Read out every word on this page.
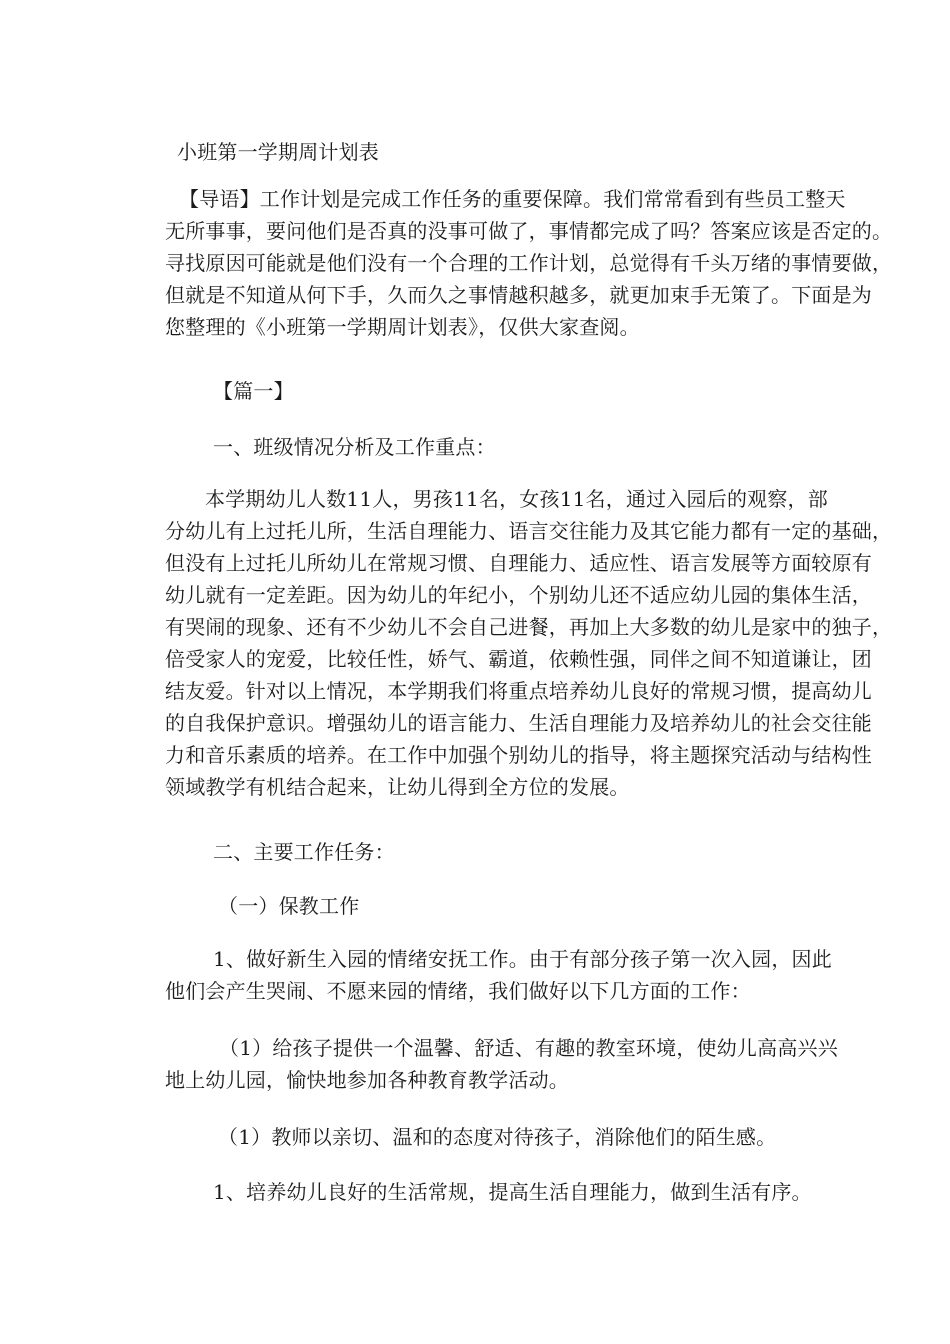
小班第一学期周计划表

【导语】工作计划是完成工作任务的重要保障。我们常常看到有些员工整天
无所事事，要问他们是否真的没事可做了，事情都完成了吗？答案应该是否定的。
寻找原因可能就是他们没有一个合理的工作计划，总觉得有千头万绪的事情要做，
但就是不知道从何下手，久而久之事情越积越多，就更加束手无策了。下面是为
您整理的《小班第一学期周计划表》，仅供大家查阅。

【篇一】

一、班级情况分析及工作重点：

本学期幼儿人数11人，男孩11名，女孩11名，通过入园后的观察，部
分幼儿有上过托儿所，生活自理能力、语言交往能力及其它能力都有一定的基础，
但没有上过托儿所幼儿在常规习惯、自理能力、适应性、语言发展等方面较原有
幼儿就有一定差距。因为幼儿的年纪小，个别幼儿还不适应幼儿园的集体生活，
有哭闹的现象、还有不少幼儿不会自己进餐，再加上大多数的幼儿是家中的独子，
倍受家人的宠爱，比较任性，娇气、霸道，依赖性强，同伴之间不知道谦让，团
结友爱。针对以上情况，本学期我们将重点培养幼儿良好的常规习惯，提高幼儿
的自我保护意识。增强幼儿的语言能力、生活自理能力及培养幼儿的社会交往能
力和音乐素质的培养。在工作中加强个别幼儿的指导，将主题探究活动与结构性
领域教学有机结合起来，让幼儿得到全方位的发展。

二、主要工作任务：

（一）保教工作

1、做好新生入园的情绪安抚工作。由于有部分孩子第一次入园，因此
他们会产生哭闹、不愿来园的情绪，我们做好以下几方面的工作：
（1）给孩子提供一个温馨、舒适、有趣的教室环境，使幼儿高高兴兴
地上幼儿园，愉快地参加各种教育教学活动。

（1）教师以亲切、温和的态度对待孩子，消除他们的陌生感。

1、培养幼儿良好的生活常规，提高生活自理能力，做到生活有序。
